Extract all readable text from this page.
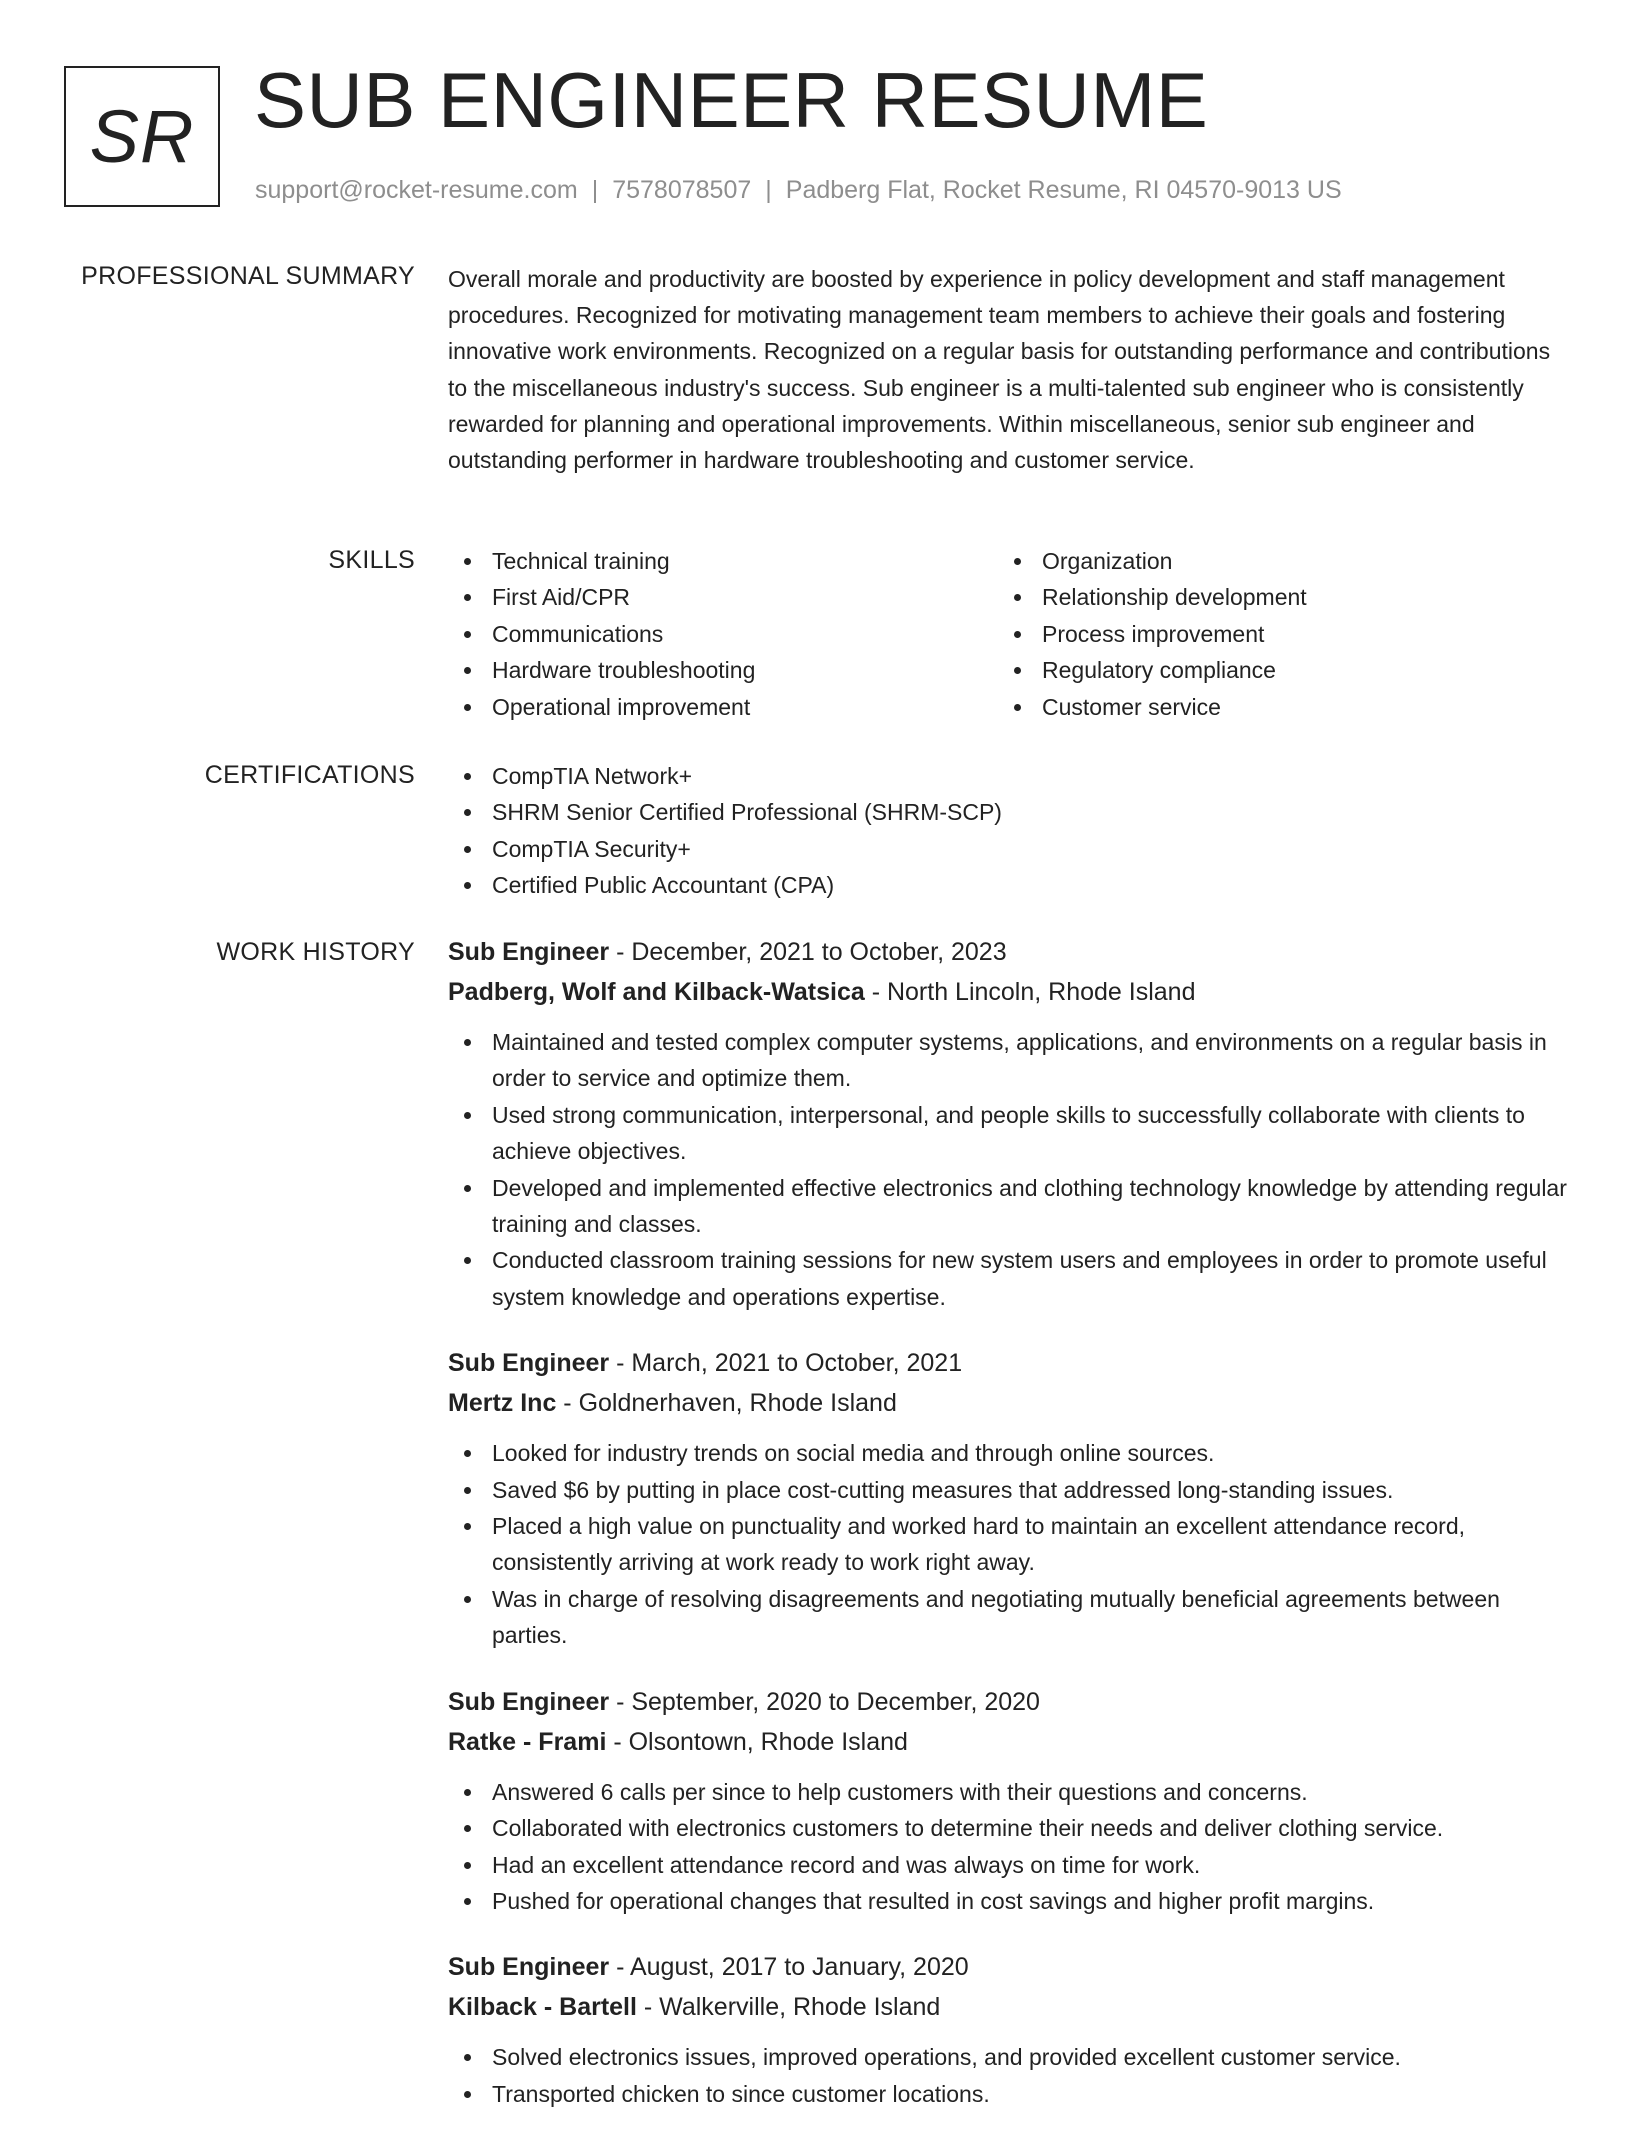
SR SUB ENGINEER RESUME
support@rocket-resume.com | 7578078507 | Padberg Flat, Rocket Resume, RI 04570-9013 US
PROFESSIONAL SUMMARY Overall morale and productivity are boosted by experience in policy development and staff management procedures. Recognized for motivating management team members to achieve their goals and fostering innovative work environments. Recognized on a regular basis for outstanding performance and contributions to the miscellaneous industry's success. Sub engineer is a multi-talented sub engineer who is consistently rewarded for planning and operational improvements. Within miscellaneous, senior sub engineer and outstanding performer in hardware troubleshooting and customer service.

SKILLS	Technical training
First Aid/CPR
Communications
Hardware troubleshooting
Operational improvement
Organization
Relationship development
Process improvement
Regulatory compliance
Customer service
CERTIFICATIONS	CompTIA Network+
SHRM Senior Certified Professional (SHRM-SCP)
CompTIA Security+
Certified Public Accountant (CPA)
WORK HISTORY Sub Engineer - December, 2021 to October, 2023
Padberg, Wolf and Kilback-Watsica - North Lincoln, Rhode Island
Maintained and tested complex computer systems, applications, and environments on a regular basis in order to service and optimize them.
Used strong communication, interpersonal, and people skills to successfully collaborate with clients to achieve objectives.
Developed and implemented effective electronics and clothing technology knowledge by attending regular training and classes.
Conducted classroom training sessions for new system users and employees in order to promote useful system knowledge and operations expertise.
Sub Engineer - March, 2021 to October, 2021
Mertz Inc - Goldnerhaven, Rhode Island
Looked for industry trends on social media and through online sources.
Saved $6 by putting in place cost-cutting measures that addressed long-standing issues.
Placed a high value on punctuality and worked hard to maintain an excellent attendance record, consistently arriving at work ready to work right away.
Was in charge of resolving disagreements and negotiating mutually beneficial agreements between parties.
Sub Engineer - September, 2020 to December, 2020
Ratke - Frami - Olsontown, Rhode Island
Answered 6 calls per since to help customers with their questions and concerns.
Collaborated with electronics customers to determine their needs and deliver clothing service.
Had an excellent attendance record and was always on time for work.
Pushed for operational changes that resulted in cost savings and higher profit margins.
Sub Engineer - August, 2017 to January, 2020
Kilback - Bartell - Walkerville, Rhode Island
Solved electronics issues, improved operations, and provided excellent customer service.
Transported chicken to since customer locations.
